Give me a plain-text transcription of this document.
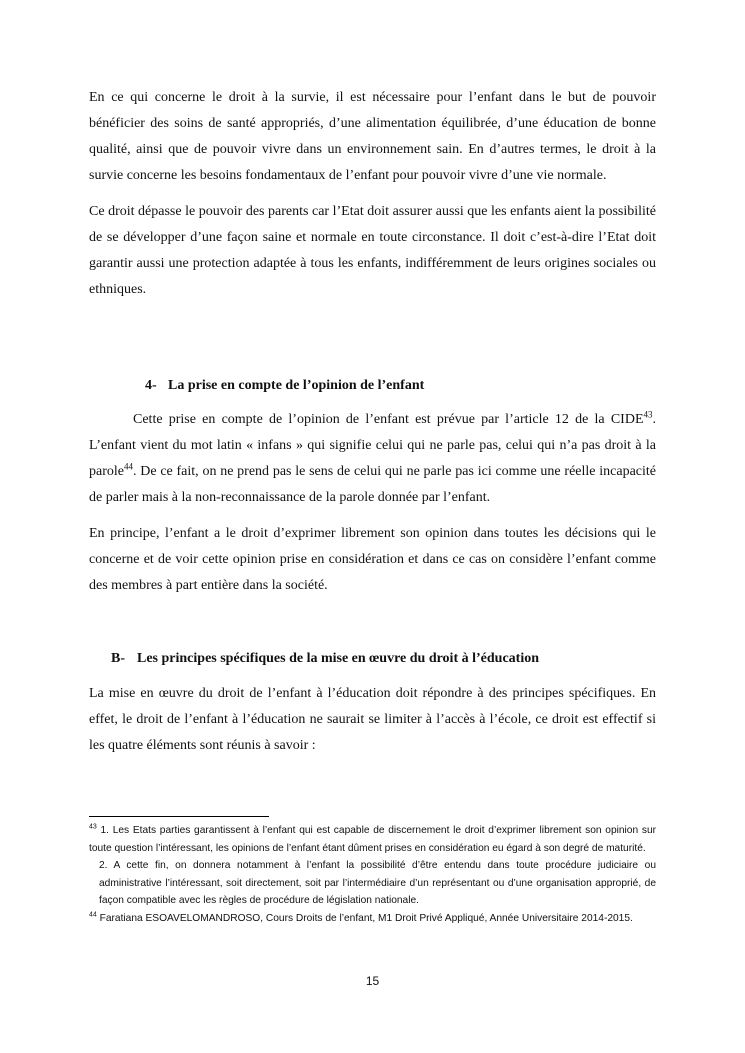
En ce qui concerne le droit à la survie, il est nécessaire pour l’enfant dans le but de pouvoir bénéficier des soins de santé appropriés, d’une alimentation équilibrée, d’une éducation de bonne qualité, ainsi que de pouvoir vivre dans un environnement sain. En d’autres termes, le droit à la survie concerne les besoins fondamentaux de l’enfant pour pouvoir vivre d’une vie normale.

Ce droit dépasse le pouvoir des parents car l’Etat doit assurer aussi que les enfants aient la possibilité de se développer d’une façon saine et normale en toute circonstance. Il doit c’est-à-dire l’Etat doit garantir aussi une protection adaptée à tous les enfants, indifféremment de leurs origines sociales ou ethniques.

4- La prise en compte de l’opinion de l’enfant

Cette prise en compte de l’opinion de l’enfant est prévue par l’article 12 de la CIDE$^{43}$. L’enfant vient du mot latin « infans » qui signifie celui qui ne parle pas, celui qui n’a pas droit à la parole$^{44}$. De ce fait, on ne prend pas le sens de celui qui ne parle pas ici comme une réelle incapacité de parler mais à la non-reconnaissance de la parole donnée par l’enfant.

En principe, l’enfant a le droit d’exprimer librement son opinion dans toutes les décisions qui le concerne et de voir cette opinion prise en considération et dans ce cas on considère l’enfant comme des membres à part entière dans la société.

B- Les principes spécifiques de la mise en œuvre du droit à l’éducation

La mise en œuvre du droit de l’enfant à l’éducation doit répondre à des principes spécifiques. En effet, le droit de l’enfant à l’éducation ne saurait se limiter à l’accès à l’école, ce droit est effectif si les quatre éléments sont réunis à savoir :

$^{43}$ 1. Les Etats parties garantissent à l’enfant qui est capable de discernement le droit d’exprimer librement son opinion sur toute question l’intéressant, les opinions de l’enfant étant dûment prises en considération eu égard à son degré de maturité.

2. A cette fin, on donnera notamment à l’enfant la possibilité d’être entendu dans toute procédure judiciaire ou administrative l’intéressant, soit directement, soit par l’intermédiaire d’un représentant ou d’une organisation approprié, de façon compatible avec les règles de procédure de législation nationale.

$^{44}$ Faratiana ESOAVELOMANDROSO, Cours Droits de l’enfant, M1 Droit Privé Appliqué, Année Universitaire 2014-2015.

15
